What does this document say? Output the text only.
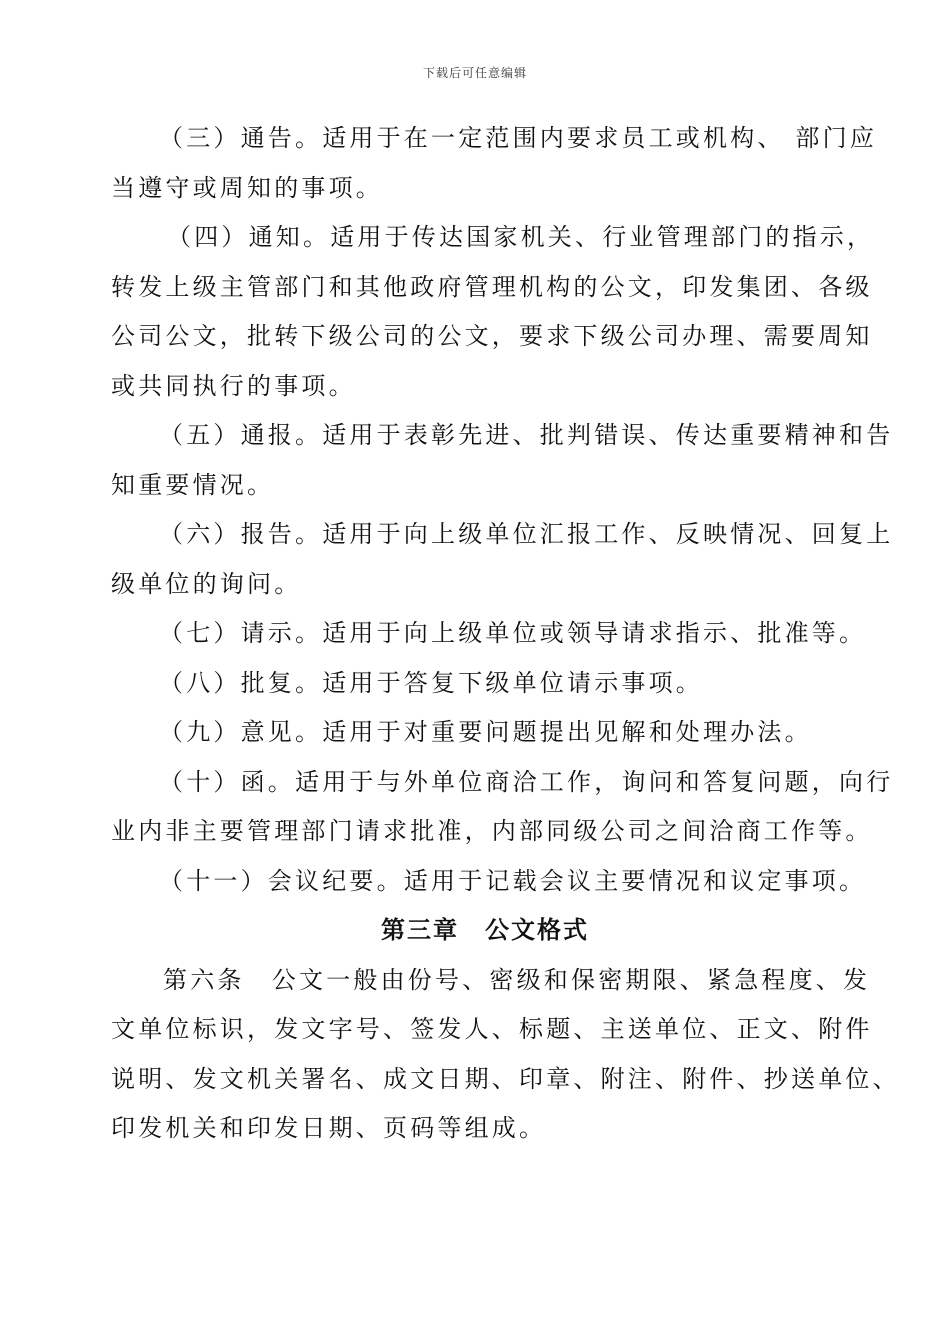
下载后可任意编辑
（三）通告。适用于在一定范围内要求员工或机构、 部门应
当遵守或周知的事项。
（四）通知。适用于传达国家机关、行业管理部门的指示，
转发上级主管部门和其他政府管理机构的公文，印发集团、各级
公司公文，批转下级公司的公文，要求下级公司办理、需要周知
或共同执行的事项。
（五）通报。适用于表彰先进、批判错误、传达重要精神和告
知重要情况。
（六）报告。适用于向上级单位汇报工作、反映情况、回复上
级单位的询问。
（七）请示。适用于向上级单位或领导请求指示、批准等。
（八）批复。适用于答复下级单位请示事项。
（九）意见。适用于对重要问题提出见解和处理办法。
（十）函。适用于与外单位商洽工作，询问和答复问题，向行
业内非主要管理部门请求批准，内部同级公司之间洽商工作等。
（十一）会议纪要。适用于记载会议主要情况和议定事项。
第三章　公文格式
第六条　公文一般由份号、密级和保密期限、紧急程度、发
文单位标识，发文字号、签发人、标题、主送单位、正文、附件
说明、发文机关署名、成文日期、印章、附注、附件、抄送单位、
印发机关和印发日期、页码等组成。
